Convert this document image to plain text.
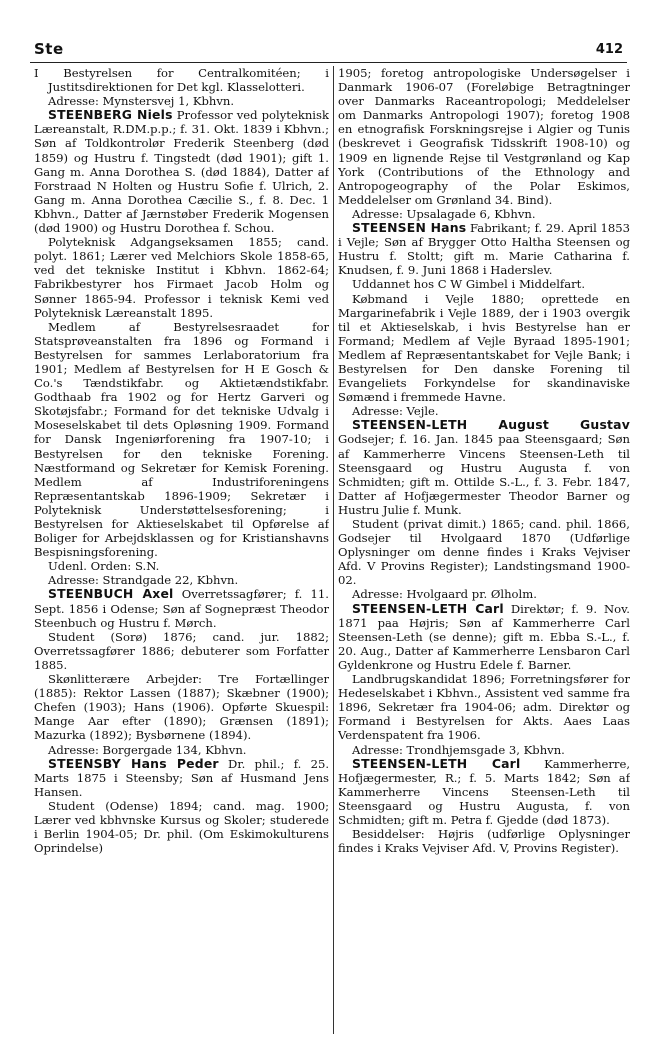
Ste	412

I Bestyrelsen for Centralkomitéen; i Justitsdirektionen for Det kgl. Klasselotteri.

Adresse: Mynstersvej 1, Kbhvn.

STEENBERG Niels Professor ved polyteknisk Læreanstalt, R.DM.p.p.; f. 31. Okt. 1839 i Kbhvn.; Søn af Toldkontrolør Frederik Steenberg (død 1859) og Hustru f. Tingstedt (død 1901); gift 1. Gang m. Anna Dorothea S. (død 1884), Datter af Forstraad N Holten og Hustru Sofie f. Ulrich, 2. Gang m. Anna Dorothea Cæcilie S., f. 8. Dec. 1 Kbhvn., Datter af Jærnstøber Frederik Mogensen (død 1900) og Hustru Dorothea f. Schou.

Polyteknisk Adgangseksamen 1855; cand. polyt. 1861; Lærer ved Melchiors Skole 1858-65, ved det tekniske Institut i Kbhvn. 1862-64; Fabrikbestyrer hos Firmaet Jacob Holm og Sønner 1865-94. Professor i teknisk Kemi ved Polyteknisk Læreanstalt 1895.

Medlem af Bestyrelsesraadet for Statsprøveanstalten fra 1896 og Formand i Bestyrelsen for sammes Lerlaboratorium fra 1901; Medlem af Bestyrelsen for H E Gosch & Co.'s Tændstikfabr. og Aktietændstikfabr. Godthaab fra 1902 og for Hertz Garveri og Skotøjsfabr.; Formand for det tekniske Udvalg i Moseselskabet til dets Opløsning 1909. Formand for Dansk Ingeniørforening fra 1907-10; i Bestyrelsen for den tekniske Forening. Næstformand og Sekretær for Kemisk Forening. Medlem af Industriforeningens Repræsentantskab 1896-1909; Sekretær i Polyteknisk Understøttelsesforening; i Bestyrelsen for Aktieselskabet til Opførelse af Boliger for Arbejdsklassen og for Kristianshavns Bespisningsforening.

Udenl. Orden: S.N.

Adresse: Strandgade 22, Kbhvn.

STEENBUCH Axel Overretssagfører; f. 11. Sept. 1856 i Odense; Søn af Sognepræst Theodor Steenbuch og Hustru f. Mørch.

Student (Sorø) 1876; cand. jur. 1882; Overretssagfører 1886; debuterer som Forfatter 1885.

Skønlitterære Arbejder: Tre Fortællinger (1885): Rektor Lassen (1887); Skæbner (1900); Chefen (1903); Hans (1906). Opførte Skuespil: Mange Aar efter (1890); Grænsen (1891); Mazurka (1892); Bysbørnene (1894).

Adresse: Borgergade 134, Kbhvn.

STEENSBY Hans Peder Dr. phil.; f. 25. Marts 1875 i Steensby; Søn af Husmand Jens Hansen.

Student (Odense) 1894; cand. mag. 1900; Lærer ved kbhvnske Kursus og Skoler; studerede i Berlin 1904-05; Dr. phil. (Om Eskimokulturens Oprindelse)

1905; foretog antropologiske Undersøgelser i Danmark 1906-07 (Foreløbige Betragtninger over Danmarks Raceantropologi; Meddelelser om Danmarks Antropologi 1907); foretog 1908 en etnografisk Forskningsrejse i Algier og Tunis (beskrevet i Geografisk Tidsskrift 1908-10) og 1909 en lignende Rejse til Vestgrønland og Kap York (Contributions of the Ethnology and Antropogeography of the Polar Eskimos, Meddelelser om Grønland 34. Bind).

Adresse: Upsalagade 6, Kbhvn.

STEENSEN Hans Fabrikant; f. 29. April 1853 i Vejle; Søn af Brygger Otto Haltha Steensen og Hustru f. Stoltt; gift m. Marie Catharina f. Knudsen, f. 9. Juni 1868 i Haderslev.

Uddannet hos C W Gimbel i Middelfart.

Købmand i Vejle 1880; oprettede en Margarinefabrik i Vejle 1889, der i 1903 overgik til et Aktieselskab, i hvis Bestyrelse han er Formand; Medlem af Vejle Byraad 1895-1901; Medlem af Repræsentantskabet for Vejle Bank; i Bestyrelsen for Den danske Forening til Evangeliets Forkyndelse for skandinaviske Sømænd i fremmede Havne.

Adresse: Vejle.

STEENSEN-LETH August Gustav Godsejer; f. 16. Jan. 1845 paa Steensgaard; Søn af Kammerherre Vincens Steensen-Leth til Steensgaard og Hustru Augusta f. von Schmidten; gift m. Ottilde S.-L., f. 3. Febr. 1847, Datter af Hofjægermester Theodor Barner og Hustru Julie f. Munk.

Student (privat dimit.) 1865; cand. phil. 1866, Godsejer til Hvolgaard 1870 (Udførlige Oplysninger om denne findes i Kraks Vejviser Afd. V Provins Register); Landstingsmand 1900-02.

Adresse: Hvolgaard pr. Ølholm.

STEENSEN-LETH Carl Direktør; f. 9. Nov. 1871 paa Højris; Søn af Kammerherre Carl Steensen-Leth (se denne); gift m. Ebba S.-L., f. 20. Aug., Datter af Kammerherre Lensbaron Carl Gyldenkrone og Hustru Edele f. Barner.

Landbrugskandidat 1896; Forretningsfører for Hedeselskabet i Kbhvn., Assistent ved samme fra 1896, Sekretær fra 1904-06; adm. Direktør og Formand i Bestyrelsen for Akts. Aaes Laas Verdenspatent fra 1906.

Adresse: Trondhjemsgade 3, Kbhvn.

STEENSEN-LETH Carl Kammerherre, Hofjægermester, R.; f. 5. Marts 1842; Søn af Kammerherre Vincens Steensen-Leth til Steensgaard og Hustru Augusta, f. von Schmidten; gift m. Petra f. Gjedde (død 1873).

Besiddelser: Højris (udførlige Oplysninger findes i Kraks Vejviser Afd. V, Provins Register).
